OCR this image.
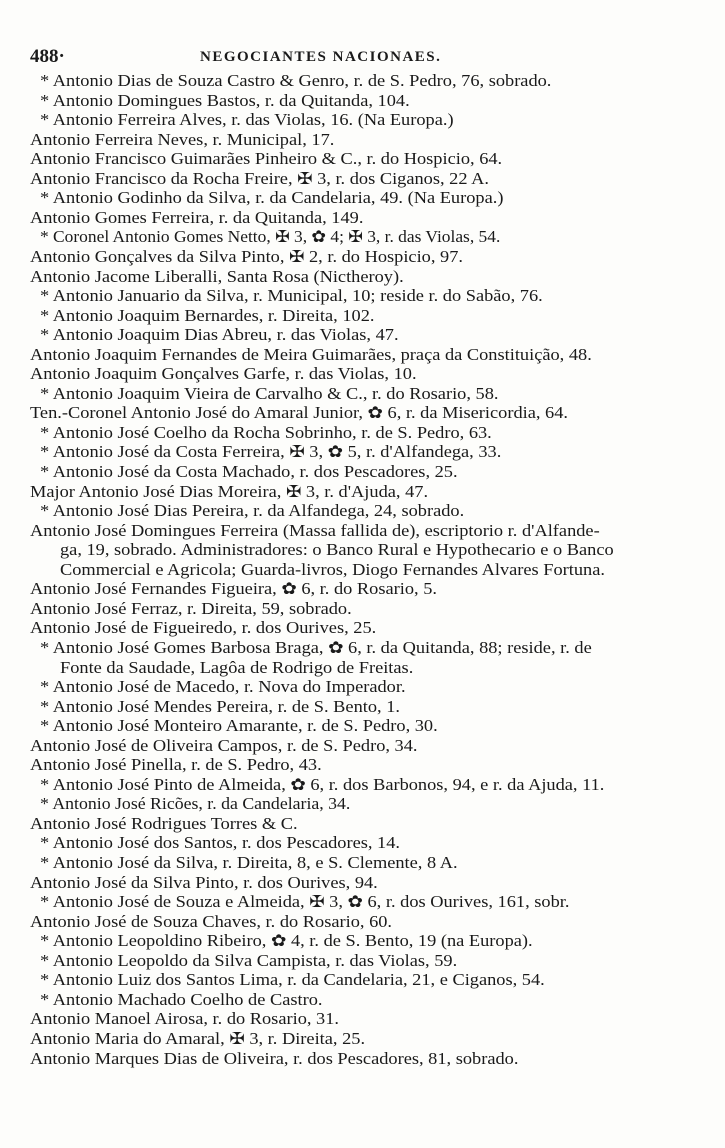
488·	NEGOCIANTES NACIONAES.
* Antonio Dias de Souza Castro & Genro, r. de S. Pedro, 76, sobrado.
* Antonio Domingues Bastos, r. da Quitanda, 104.
* Antonio Ferreira Alves, r. das Violas, 16. (Na Europa.)
Antonio Ferreira Neves, r. Municipal, 17.
Antonio Francisco Guimarães Pinheiro & C., r. do Hospicio, 64.
Antonio Francisco da Rocha Freire, ✠ 3, r. dos Ciganos, 22 A.
* Antonio Godinho da Silva, r. da Candelaria, 49. (Na Europa.)
Antonio Gomes Ferreira, r. da Quitanda, 149.
* Coronel Antonio Gomes Netto, ✠ 3, ✿ 4; ✠ 3, r. das Violas, 54.
Antonio Gonçalves da Silva Pinto, ✠ 2, r. do Hospicio, 97.
Antonio Jacome Liberalli, Santa Rosa (Nictheroy).
* Antonio Januario da Silva, r. Municipal, 10; reside r. do Sabão, 76.
* Antonio Joaquim Bernardes, r. Direita, 102.
* Antonio Joaquim Dias Abreu, r. das Violas, 47.
Antonio Joaquim Fernandes de Meira Guimarães, praça da Constituição, 48.
Antonio Joaquim Gonçalves Garfe, r. das Violas, 10.
* Antonio Joaquim Vieira de Carvalho & C., r. do Rosario, 58.
Ten.-Coronel Antonio José do Amaral Junior, ✿ 6, r. da Misericordia, 64.
* Antonio José Coelho da Rocha Sobrinho, r. de S. Pedro, 63.
* Antonio José da Costa Ferreira, ✠ 3, ✿ 5, r. d'Alfandega, 33.
* Antonio José da Costa Machado, r. dos Pescadores, 25.
Major Antonio José Dias Moreira, ✠ 3, r. d'Ajuda, 47.
* Antonio José Dias Pereira, r. da Alfandega, 24, sobrado.
Antonio José Domingues Ferreira (Massa fallida de), escriptorio r. d'Alfande-
ga, 19, sobrado. Administradores: o Banco Rural e Hypothecario e o Banco
Commercial e Agricola; Guarda-livros, Diogo Fernandes Alvares Fortuna.
Antonio José Fernandes Figueira, ✿ 6, r. do Rosario, 5.
Antonio José Ferraz, r. Direita, 59, sobrado.
Antonio José de Figueiredo, r. dos Ourives, 25.
* Antonio José Gomes Barbosa Braga, ✿ 6, r. da Quitanda, 88; reside, r. de
Fonte da Saudade, Lagôa de Rodrigo de Freitas.
* Antonio José de Macedo, r. Nova do Imperador.
* Antonio José Mendes Pereira, r. de S. Bento, 1.
* Antonio José Monteiro Amarante, r. de S. Pedro, 30.
Antonio José de Oliveira Campos, r. de S. Pedro, 34.
Antonio José Pinella, r. de S. Pedro, 43.
* Antonio José Pinto de Almeida, ✿ 6, r. dos Barbonos, 94, e r. da Ajuda, 11.
* Antonio José Ricões, r. da Candelaria, 34.
Antonio José Rodrigues Torres & C.
* Antonio José dos Santos, r. dos Pescadores, 14.
* Antonio José da Silva, r. Direita, 8, e S. Clemente, 8 A.
Antonio José da Silva Pinto, r. dos Ourives, 94.
* Antonio José de Souza e Almeida, ✠ 3, ✿ 6, r. dos Ourives, 161, sobr.
Antonio José de Souza Chaves, r. do Rosario, 60.
* Antonio Leopoldino Ribeiro, ✿ 4, r. de S. Bento, 19 (na Europa).
* Antonio Leopoldo da Silva Campista, r. das Violas, 59.
* Antonio Luiz dos Santos Lima, r. da Candelaria, 21, e Ciganos, 54.
* Antonio Machado Coelho de Castro.
Antonio Manoel Airosa, r. do Rosario, 31.
Antonio Maria do Amaral, ✠ 3, r. Direita, 25.
Antonio Marques Dias de Oliveira, r. dos Pescadores, 81, sobrado.
